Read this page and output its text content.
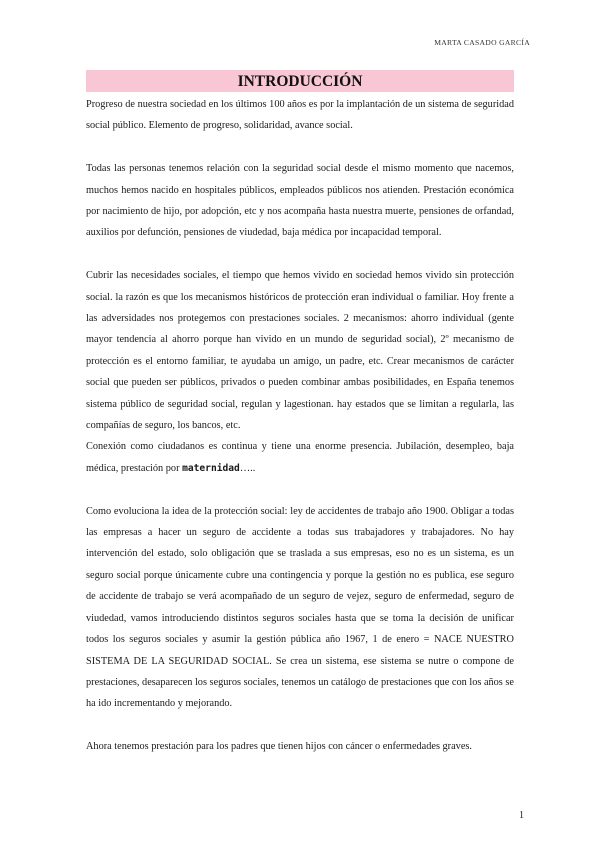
MARTA CASADO GARCÍA
INTRODUCCIÓN

Progreso de nuestra sociedad en los últimos 100 años es por la implantación de un sistema de seguridad social público. Elemento de progreso, solidaridad, avance social.

Todas las personas tenemos relación con la seguridad social desde el mismo momento que nacemos, muchos hemos nacido en hospitales públicos, empleados públicos nos atienden. Prestación económica por nacimiento de hijo, por adopción, etc y nos acompaña hasta nuestra muerte, pensiones de orfandad, auxilios por defunción, pensiones de viudedad, baja médica por incapacidad temporal.

Cubrir las necesidades sociales, el tiempo que hemos vivido en sociedad hemos vivido sin protección social. la razón es que los mecanismos históricos de protección eran individual o familiar. Hoy frente a las adversidades nos protegemos con prestaciones sociales. 2 mecanismos: ahorro individual (gente mayor tendencia al ahorro porque han vivido en un mundo de seguridad social), 2º mecanismo de protección es el entorno familiar, te ayudaba un amigo, un padre, etc. Crear mecanismos de carácter social que pueden ser públicos, privados o pueden combinar ambas posibilidades, en España tenemos sistema público de seguridad social, regulan y lagestionan. hay estados que se limitan a regularla, las compañías de seguro, los bancos, etc.

Conexión como ciudadanos es continua y tiene una enorme presencia. Jubilación, desempleo, baja médica, prestación por maternidad…..

Como evoluciona la idea de la protección social: ley de accidentes de trabajo año 1900. Obligar a todas las empresas a hacer un seguro de accidente a todas sus trabajadores y trabajadores. No hay intervención del estado, solo obligación que se traslada a sus empresas, eso no es un sistema, es un seguro social porque únicamente cubre una contingencia y porque la gestión no es publica, ese seguro de accidente de trabajo se verá acompañado de un seguro de vejez, seguro de enfermedad, seguro de viudedad, vamos introduciendo distintos seguros sociales hasta que se toma la decisión de unificar todos los seguros sociales y asumir la gestión pública año 1967, 1 de enero = NACE NUESTRO SISTEMA DE LA SEGURIDAD SOCIAL. Se crea un sistema, ese sistema se nutre o compone de prestaciones, desaparecen los seguros sociales, tenemos un catálogo de prestaciones que con los años se ha ido incrementando y mejorando.

Ahora tenemos prestación para los padres que tienen hijos con cáncer o enfermedades graves.

1
